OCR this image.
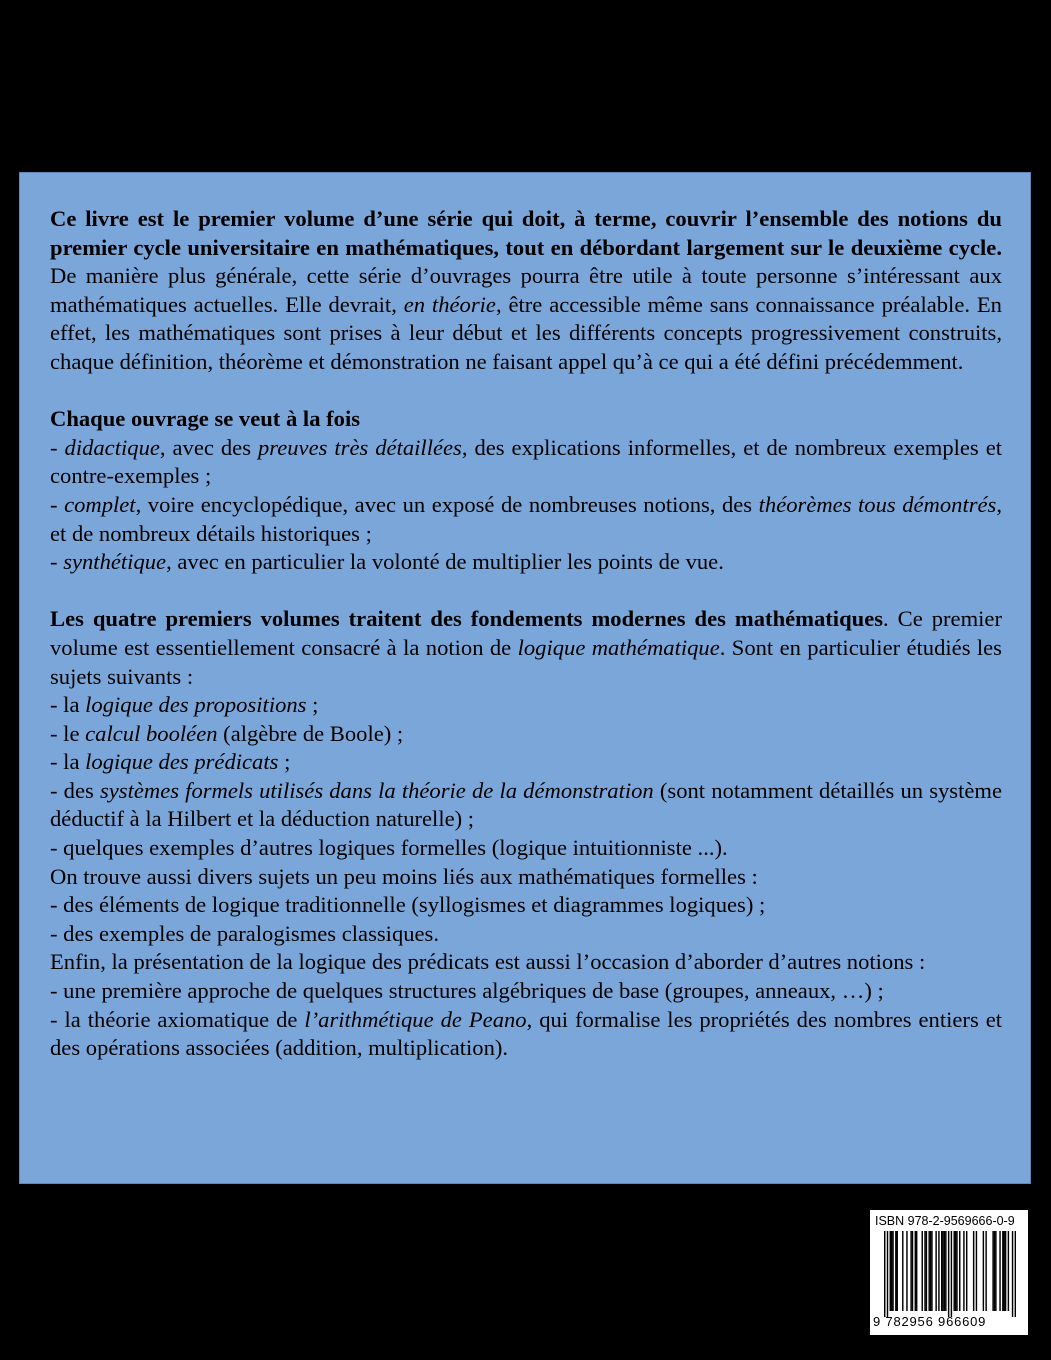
Ce livre est le premier volume d’une série qui doit, à terme, couvrir l’ensemble des notions du premier cycle universitaire en mathématiques, tout en débordant largement sur le deuxième cycle. De manière plus générale, cette série d’ouvrages pourra être utile à toute personne s’intéressant aux mathématiques actuelles. Elle devrait, en théorie, être accessible même sans connaissance préalable. En effet, les mathématiques sont prises à leur début et les différents concepts progressivement construits, chaque définition, théorème et démonstration ne faisant appel qu’à ce qui a été défini précédemment.

Chaque ouvrage se veut à la fois
- didactique, avec des preuves très détaillées, des explications informelles, et de nombreux exemples et contre-exemples ;
- complet, voire encyclopédique, avec un exposé de nombreuses notions, des théorèmes tous démontrés, et de nombreux détails historiques ;
- synthétique, avec en particulier la volonté de multiplier les points de vue.

Les quatre premiers volumes traitent des fondements modernes des mathématiques. Ce premier volume est essentiellement consacré à la notion de logique mathématique. Sont en particulier étudiés les sujets suivants :

- la logique des propositions ;
- le calcul booléen (algèbre de Boole) ;
- la logique des prédicats ;
- des systèmes formels utilisés dans la théorie de la démonstration (sont notamment détaillés un système déductif à la Hilbert et la déduction naturelle) ;
- quelques exemples d’autres logiques formelles (logique intuitionniste ...).
On trouve aussi divers sujets un peu moins liés aux mathématiques formelles :
- des éléments de logique traditionnelle (syllogismes et diagrammes logiques) ;
- des exemples de paralogismes classiques.
Enfin, la présentation de la logique des prédicats est aussi l’occasion d’aborder d’autres notions :
- une première approche de quelques structures algébriques de base (groupes, anneaux, …) ;
- la théorie axiomatique de l’arithmétique de Peano, qui formalise les propriétés des nombres entiers et des opérations associées (addition, multiplication).

ISBN 978-2-9569666-0-9
9 782956 966609
